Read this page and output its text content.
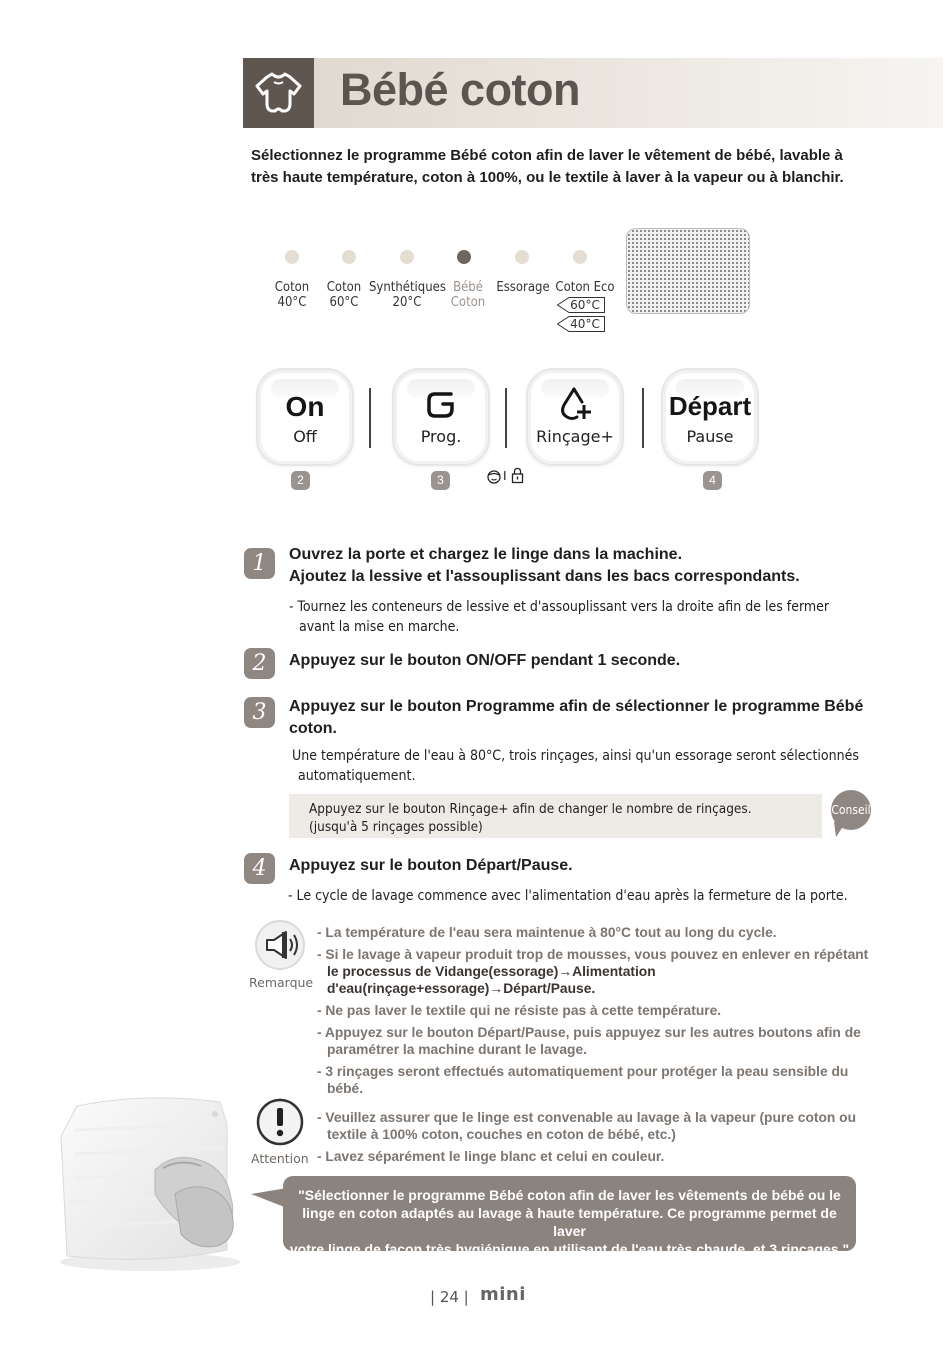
Bébé coton
Sélectionnez le programme Bébé coton afin de laver le vêtement de bébé, lavable à très haute température, coton à 100%, ou le textile à laver à la vapeur ou à blanchir.
Coton
40°C
Coton
60°C
Synthétiques
20°C
Bébé
Coton
Essorage Coton Eco
60°C
40°C
On
Off	Prog.	Rinçage+
Départ
Pause
2	3	4
I
1	Ouvrez la porte et chargez le linge dans la machine.
Ajoutez la lessive et l'assouplissant dans les bacs correspondants.
- Tournez les conteneurs de lessive et d'assouplissant vers la droite afin de les fermer
avant la mise en marche.
2	Appuyez sur le bouton ON/OFF pendant 1 seconde.
3	Appuyez sur le bouton Programme afin de sélectionner le programme Bébé
coton.
Une température de l'eau à 80°C, trois rinçages, ainsi qu'un essorage seront sélectionnés
automatiquement.
Appuyez sur le bouton Rinçage+ afin de changer le nombre de rinçages.
(jusqu'à 5 rinçages possible)
Conseil
4	Appuyez sur le bouton Départ/Pause.
- Le cycle de lavage commence avec l'alimentation d'eau après la fermeture de la porte.
Remarque
- La température de l'eau sera maintenue à 80°C tout au long du cycle.
- Si le lavage à vapeur produit trop de mousses, vous pouvez en enlever en répétant
le processus de Vidange(essorage)→Alimentation
d'eau(rinçage+essorage)→Départ/Pause.
- Ne pas laver le textile qui ne résiste pas à cette température.
- Appuyez sur le bouton Départ/Pause, puis appuyez sur les autres boutons afin de
paramétrer la machine durant le lavage.
- 3 rinçages seront effectués automatiquement pour protéger la peau sensible du
bébé.
Attention
- Veuillez assurer que le linge est convenable au lavage à la vapeur (pure coton ou
textile à 100% coton, couches en coton de bébé, etc.)
- Lavez séparément le linge blanc et celui en couleur.
"Sélectionner le programme Bébé coton afin de laver les vêtements de bébé ou le
linge en coton adaptés au lavage à haute température. Ce programme permet de laver
votre linge de façon très hygiénique en utilisant de l'eau très chaude, et 3 rinçages."
| 24 | mini
